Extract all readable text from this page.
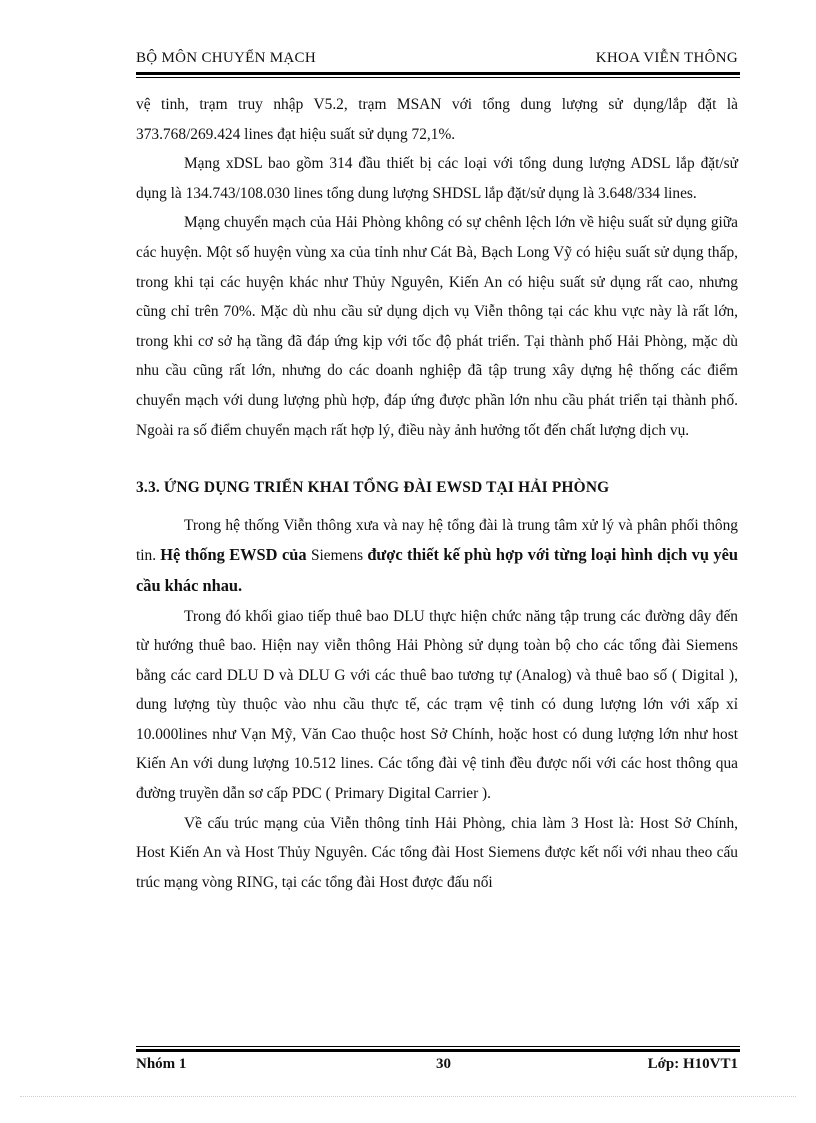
BỘ MÔN CHUYỂN MẠCH	KHOA VIỄN THÔNG

vệ tinh, trạm truy nhập V5.2, trạm MSAN với tổng dung lượng sử dụng/lắp đặt là 373.768/269.424 lines đạt hiệu suất sử dụng 72,1%.

Mạng xDSL bao gồm 314 đầu thiết bị các loại với tổng dung lượng ADSL lắp đặt/sử dụng là 134.743/108.030 lines tổng dung lượng SHDSL lắp đặt/sử dụng là 3.648/334 lines.

Mạng chuyển mạch của Hải Phòng không có sự chênh lệch lớn về hiệu suất sử dụng giữa các huyện. Một số huyện vùng xa của tỉnh như Cát Bà, Bạch Long Vỹ có hiệu suất sử dụng thấp, trong khi tại các huyện khác như Thủy Nguyên, Kiến An có hiệu suất sử dụng rất cao, nhưng cũng chỉ trên 70%. Mặc dù nhu cầu sử dụng dịch vụ Viễn thông tại các khu vực này là rất lớn, trong khi cơ sở hạ tầng đã đáp ứng kịp với tốc độ phát triển. Tại thành phố Hải Phòng, mặc dù nhu cầu cũng rất lớn, nhưng do các doanh nghiệp đã tập trung xây dựng hệ thống các điểm chuyển mạch với dung lượng phù hợp, đáp ứng được phần lớn nhu cầu phát triển tại thành phố. Ngoài ra số điểm chuyển mạch rất hợp lý, điều này ảnh hưởng tốt đến chất lượng dịch vụ.

3.3. ỨNG DỤNG TRIỂN KHAI TỔNG ĐÀI EWSD TẠI HẢI PHÒNG

Trong hệ thống Viễn thông xưa và nay hệ tổng đài là trung tâm xử lý và phân phối thông tin. Hệ thống EWSD của Siemens được thiết kế phù hợp với từng loại hình dịch vụ yêu cầu khác nhau.

Trong đó khối giao tiếp thuê bao DLU thực hiện chức năng tập trung các đường dây đến từ hướng thuê bao. Hiện nay viễn thông Hải Phòng sử dụng toàn bộ cho các tổng đài Siemens bằng các card DLU D và DLU G với các thuê bao tương tự (Analog) và thuê bao số ( Digital ), dung lượng tùy thuộc vào nhu cầu thực tế, các trạm vệ tinh có dung lượng lớn với xấp xỉ 10.000lines như Vạn Mỹ, Văn Cao thuộc host Sở Chính, hoặc host có dung lượng lớn như host Kiến An với dung lượng 10.512 lines. Các tổng đài vệ tinh đều được nối với các host thông qua đường truyền dẫn sơ cấp PDC ( Primary Digital Carrier ).

Về cấu trúc mạng của Viễn thông tỉnh Hải Phòng, chia làm 3 Host là: Host Sở Chính, Host Kiến An và Host Thủy Nguyên. Các tổng đài Host Siemens được kết nối với nhau theo cấu trúc mạng vòng RING, tại các tổng đài Host được đấu nối

Nhóm 1	30	Lớp: H10VT1
